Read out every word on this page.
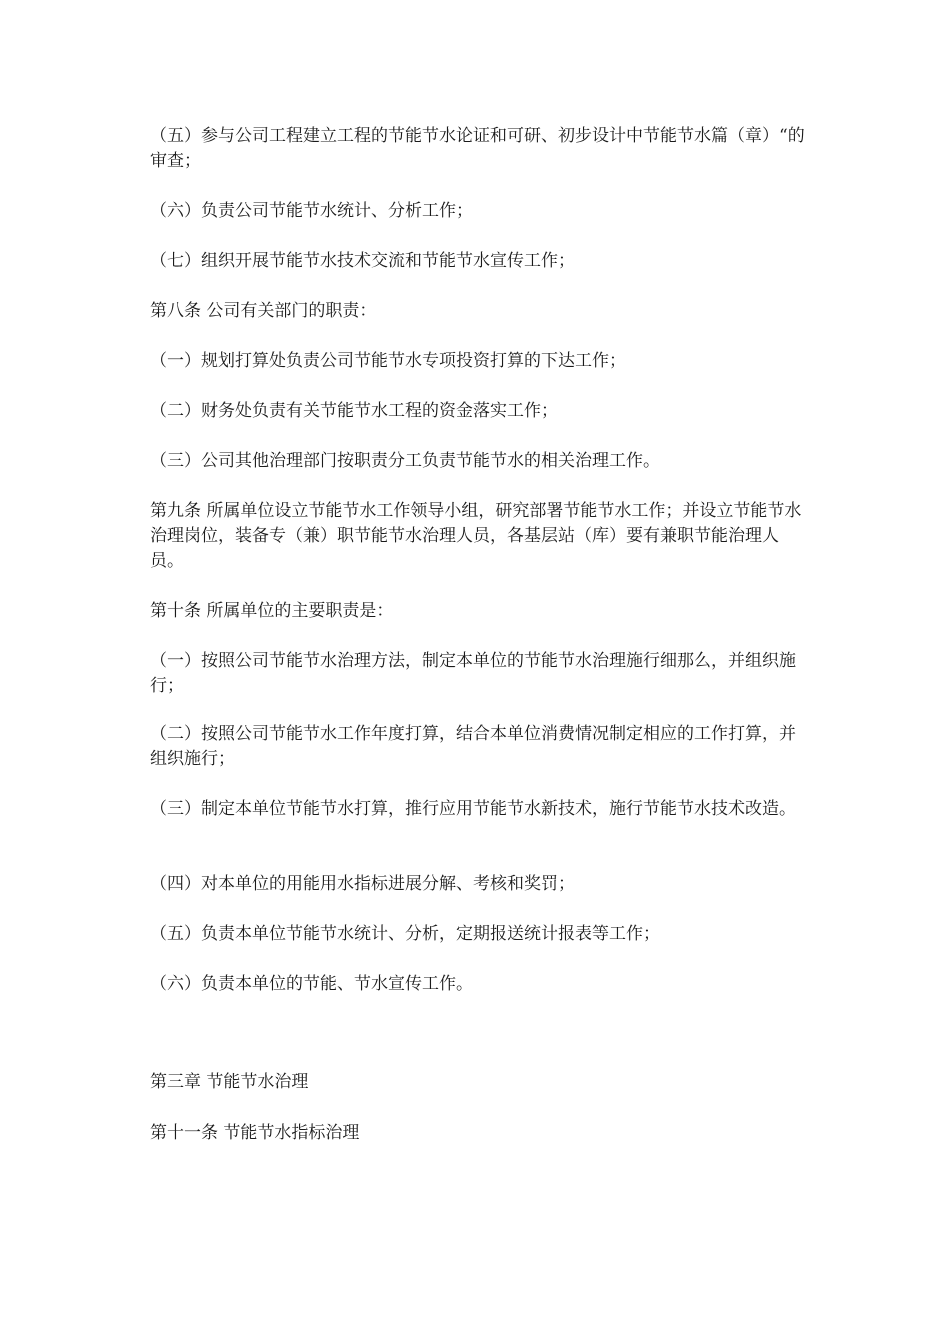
（五）参与公司工程建立工程的节能节水论证和可研、初步设计中节能节水篇（章）“的审查；

（六）负责公司节能节水统计、分析工作；

（七）组织开展节能节水技术交流和节能节水宣传工作；

第八条 公司有关部门的职责：

（一）规划打算处负责公司节能节水专项投资打算的下达工作；

（二）财务处负责有关节能节水工程的资金落实工作；

（三）公司其他治理部门按职责分工负责节能节水的相关治理工作。

第九条 所属单位设立节能节水工作领导小组，研究部署节能节水工作；并设立节能节水治理岗位，装备专（兼）职节能节水治理人员，各基层站（库）要有兼职节能治理人员。

第十条 所属单位的主要职责是：

（一）按照公司节能节水治理方法，制定本单位的节能节水治理施行细那么，并组织施行；

（二）按照公司节能节水工作年度打算，结合本单位消费情况制定相应的工作打算，并组织施行；

（三）制定本单位节能节水打算，推行应用节能节水新技术，施行节能节水技术改造。

（四）对本单位的用能用水指标进展分解、考核和奖罚；

（五）负责本单位节能节水统计、分析，定期报送统计报表等工作；

（六）负责本单位的节能、节水宣传工作。

第三章 节能节水治理

第十一条 节能节水指标治理
